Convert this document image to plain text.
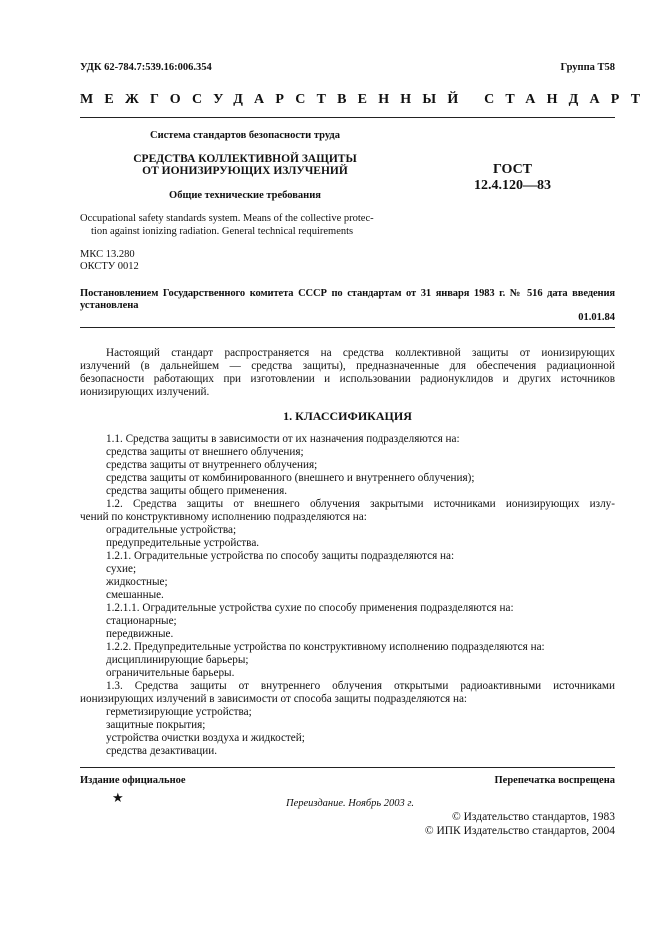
УДК 62-784.7:539.16:006.354	Группа Т58
МЕЖГОСУДАРСТВЕННЫЙ СТАНДАРТ
Система стандартов безопасности труда
СРЕДСТВА КОЛЛЕКТИВНОЙ ЗАЩИТЫ
ОТ ИОНИЗИРУЮЩИХ ИЗЛУЧЕНИЙ
Общие технические требования
ГОСТ
12.4.120—83
Occupational safety standards system. Means of the collective protec-
tion against ionizing radiation. General technical requirements
МКС 13.280
ОКСТУ 0012
Постановлением Государственного комитета СССР по стандартам от 31 января 1983 г. № 516 дата введения
установлена
01.01.84
Настоящий стандарт распространяется на средства коллективной защиты от ионизирующих
излучений (в дальнейшем — средства защиты), предназначенные для обеспечения радиационной
безопасности работающих при изготовлении и использовании радионуклидов и других источников
ионизирующих излучений.
1. КЛАССИФИКАЦИЯ
1.1. Средства защиты в зависимости от их назначения подразделяются на:
средства защиты от внешнего облучения;
средства защиты от внутреннего облучения;
средства защиты от комбинированного (внешнего и внутреннего облучения);
средства защиты общего применения.
1.2. Средства защиты от внешнего облучения закрытыми источниками ионизирующих излу-
чений по конструктивному исполнению подразделяются на:
оградительные устройства;
предупредительные устройства.
1.2.1. Оградительные устройства по способу защиты подразделяются на:
сухие;
жидкостные;
смешанные.
1.2.1.1. Оградительные устройства сухие по способу применения подразделяются на:
стационарные;
передвижные.
1.2.2. Предупредительные устройства по конструктивному исполнению подразделяются на:
дисциплинирующие барьеры;
ограничительные барьеры.
1.3. Средства защиты от внутреннего облучения открытыми радиоактивными источниками
ионизирующих излучений в зависимости от способа защиты подразделяются на:
герметизирующие устройства;
защитные покрытия;
устройства очистки воздуха и жидкостей;
средства дезактивации.
Издание официальное	Перепечатка воспрещена
★	Переиздание. Ноябрь 2003 г.
© Издательство стандартов, 1983
© ИПК Издательство стандартов, 2004
